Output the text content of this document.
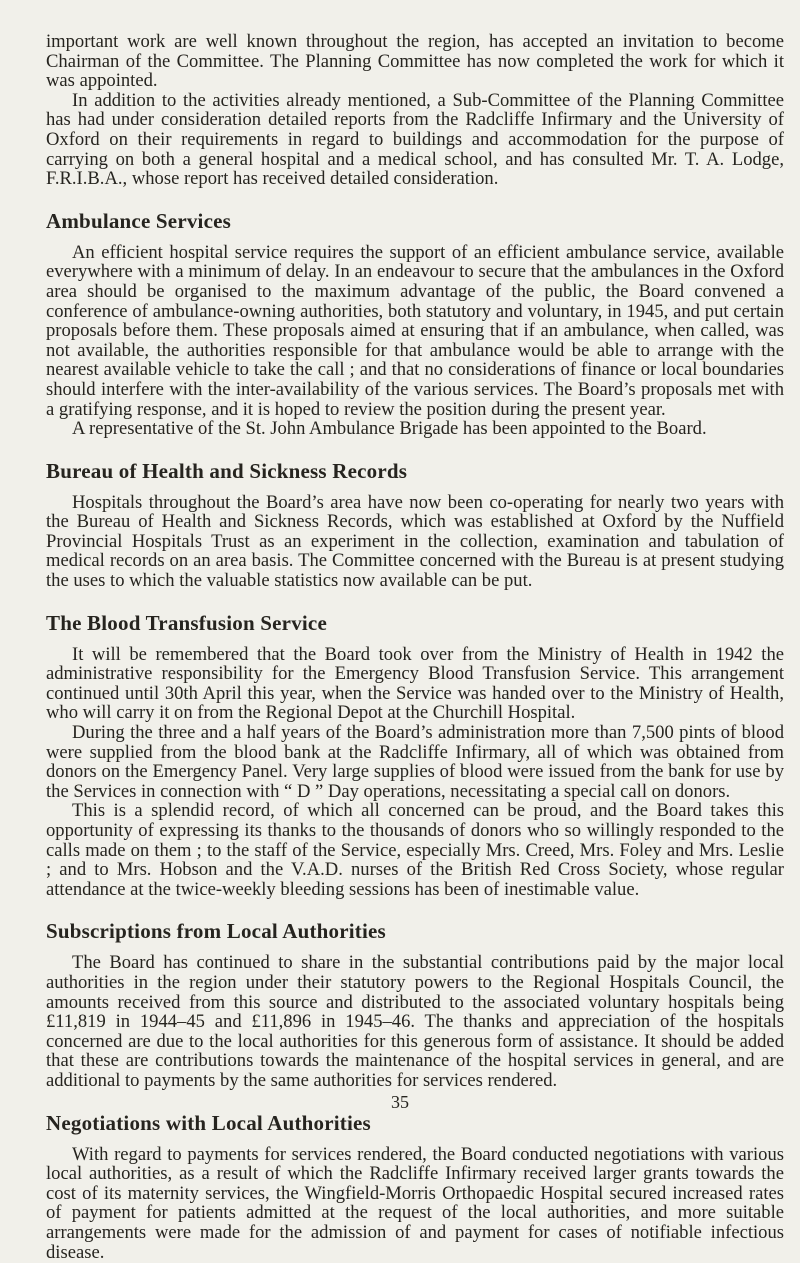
important work are well known throughout the region, has accepted an invitation to become Chairman of the Committee. The Planning Committee has now completed the work for which it was appointed.

In addition to the activities already mentioned, a Sub-Committee of the Planning Committee has had under consideration detailed reports from the Radcliffe Infirmary and the University of Oxford on their requirements in regard to buildings and accommodation for the purpose of carrying on both a general hospital and a medical school, and has consulted Mr. T. A. Lodge, F.R.I.B.A., whose report has received detailed consideration.

Ambulance Services

An efficient hospital service requires the support of an efficient ambulance service, available everywhere with a minimum of delay. In an endeavour to secure that the ambulances in the Oxford area should be organised to the maximum advantage of the public, the Board convened a conference of ambulance-owning authorities, both statutory and voluntary, in 1945, and put certain proposals before them. These proposals aimed at ensuring that if an ambulance, when called, was not available, the authorities responsible for that ambulance would be able to arrange with the nearest available vehicle to take the call ; and that no considerations of finance or local boundaries should interfere with the inter-availability of the various services. The Board’s proposals met with a gratifying response, and it is hoped to review the position during the present year.

A representative of the St. John Ambulance Brigade has been appointed to the Board.

Bureau of Health and Sickness Records

Hospitals throughout the Board’s area have now been co-operating for nearly two years with the Bureau of Health and Sickness Records, which was established at Oxford by the Nuffield Provincial Hospitals Trust as an experiment in the collection, examination and tabulation of medical records on an area basis. The Committee concerned with the Bureau is at present studying the uses to which the valuable statistics now available can be put.

The Blood Transfusion Service

It will be remembered that the Board took over from the Ministry of Health in 1942 the administrative responsibility for the Emergency Blood Transfusion Service. This arrangement continued until 30th April this year, when the Service was handed over to the Ministry of Health, who will carry it on from the Regional Depot at the Churchill Hospital.

During the three and a half years of the Board’s administration more than 7,500 pints of blood were supplied from the blood bank at the Radcliffe Infirmary, all of which was obtained from donors on the Emergency Panel. Very large supplies of blood were issued from the bank for use by the Services in connection with “ D ” Day operations, necessitating a special call on donors.

This is a splendid record, of which all concerned can be proud, and the Board takes this opportunity of expressing its thanks to the thousands of donors who so willingly responded to the calls made on them ; to the staff of the Service, especially Mrs. Creed, Mrs. Foley and Mrs. Leslie ; and to Mrs. Hobson and the V.A.D. nurses of the British Red Cross Society, whose regular attendance at the twice-weekly bleeding sessions has been of inestimable value.

Subscriptions from Local Authorities

The Board has continued to share in the substantial contributions paid by the major local authorities in the region under their statutory powers to the Regional Hospitals Council, the amounts received from this source and distributed to the associated voluntary hospitals being £11,819 in 1944–45 and £11,896 in 1945–46. The thanks and appreciation of the hospitals concerned are due to the local authorities for this generous form of assistance. It should be added that these are contributions towards the maintenance of the hospital services in general, and are additional to payments by the same authorities for services rendered.

Negotiations with Local Authorities

With regard to payments for services rendered, the Board conducted negotiations with various local authorities, as a result of which the Radcliffe Infirmary received larger grants towards the cost of its maternity services, the Wingfield-Morris Orthopaedic Hospital secured increased rates of payment for patients admitted at the request of the local authorities, and more suitable arrangements were made for the admission of and payment for cases of notifiable infectious disease.

35
